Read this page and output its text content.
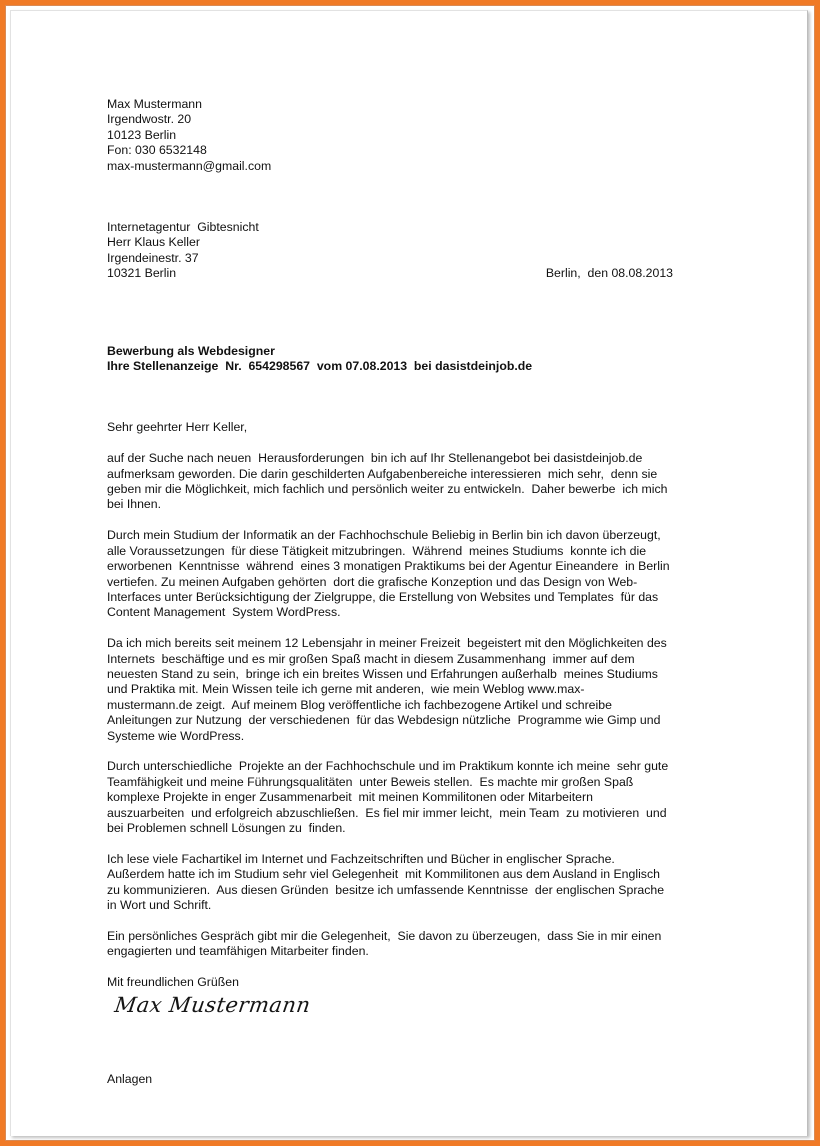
Max Mustermann
Irgendwostr. 20
10123 Berlin
Fon: 030 6532148
max-mustermann@gmail.com
Internetagentur  Gibtesnicht
Herr Klaus Keller
Irgendeinestr. 37
10321 Berlin	Berlin,  den 08.08.2013
Bewerbung als Webdesigner
Ihre Stellenanzeige  Nr.  654298567  vom 07.08.2013  bei dasistdeinjob.de
Sehr geehrter Herr Keller,
auf der Suche nach neuen  Herausforderungen  bin ich auf Ihr Stellenangebot bei dasistdeinjob.de
aufmerksam geworden. Die darin geschilderten Aufgabenbereiche interessieren  mich sehr,  denn sie
geben mir die Möglichkeit, mich fachlich und persönlich weiter zu entwickeln.  Daher bewerbe  ich mich
bei Ihnen.
Durch mein Studium der Informatik an der Fachhochschule Beliebig in Berlin bin ich davon überzeugt,
alle Voraussetzungen  für diese Tätigkeit mitzubringen.  Während  meines Studiums  konnte ich die
erworbenen  Kenntnisse  während  eines 3 monatigen Praktikums bei der Agentur Eineandere  in Berlin
vertiefen. Zu meinen Aufgaben gehörten  dort die grafische Konzeption und das Design von Web-
Interfaces unter Berücksichtigung der Zielgruppe, die Erstellung von Websites und Templates  für das
Content Management  System WordPress.
Da ich mich bereits seit meinem 12 Lebensjahr in meiner Freizeit  begeistert mit den Möglichkeiten des
Internets  beschäftige und es mir großen Spaß macht in diesem Zusammenhang  immer auf dem
neuesten Stand zu sein,  bringe ich ein breites Wissen und Erfahrungen außerhalb  meines Studiums
und Praktika mit. Mein Wissen teile ich gerne mit anderen,  wie mein Weblog www.max-
mustermann.de zeigt.  Auf meinem Blog veröffentliche ich fachbezogene Artikel und schreibe
Anleitungen zur Nutzung  der verschiedenen  für das Webdesign nützliche  Programme wie Gimp und
Systeme wie WordPress.
Durch unterschiedliche  Projekte an der Fachhochschule und im Praktikum konnte ich meine  sehr gute
Teamfähigkeit und meine Führungsqualitäten  unter Beweis stellen.  Es machte mir großen Spaß
komplexe Projekte in enger Zusammenarbeit  mit meinen Kommilitonen oder Mitarbeitern
auszuarbeiten  und erfolgreich abzuschließen.  Es fiel mir immer leicht,  mein Team  zu motivieren  und
bei Problemen schnell Lösungen zu  finden.
Ich lese viele Fachartikel im Internet und Fachzeitschriften und Bücher in englischer Sprache.
Außerdem hatte ich im Studium sehr viel Gelegenheit  mit Kommilitonen aus dem Ausland in Englisch
zu kommunizieren.  Aus diesen Gründen  besitze ich umfassende Kenntnisse  der englischen Sprache
in Wort und Schrift.
Ein persönliches Gespräch gibt mir die Gelegenheit,  Sie davon zu überzeugen,  dass Sie in mir einen
engagierten und teamfähigen Mitarbeiter finden.
Mit freundlichen Grüßen
Max Mustermann
Anlagen
